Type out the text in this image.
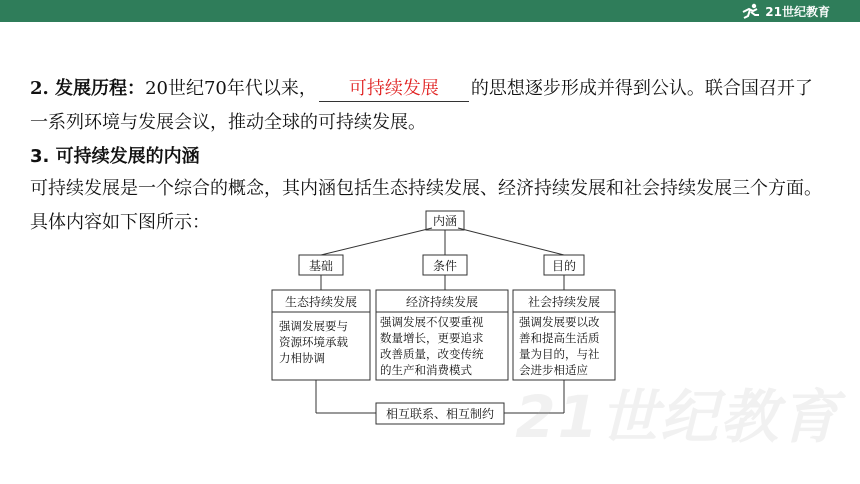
21世纪教育
2. 发展历程：20世纪70年代以来， 可持续发展 的思想逐步形成并得到公认。联合国召开了一系列环境与发展会议，推动全球的可持续发展。
3. 可持续发展的内涵
可持续发展是一个综合的概念，其内涵包括生态持续发展、经济持续发展和社会持续发展三个方面。具体内容如下图所示：	内涵
基础	条件	目的
生态持续发展	经济持续发展	社会持续发展
相互联系、相互制约
强调发展要与
资源环境承载
力相协调
强调发展不仅要重视
数量增长，更要追求
改善质量，改变传统
的生产和消费模式
强调发展要以改
善和提高生活质
量为目的，与社
会进步相适应
21世纪教育
